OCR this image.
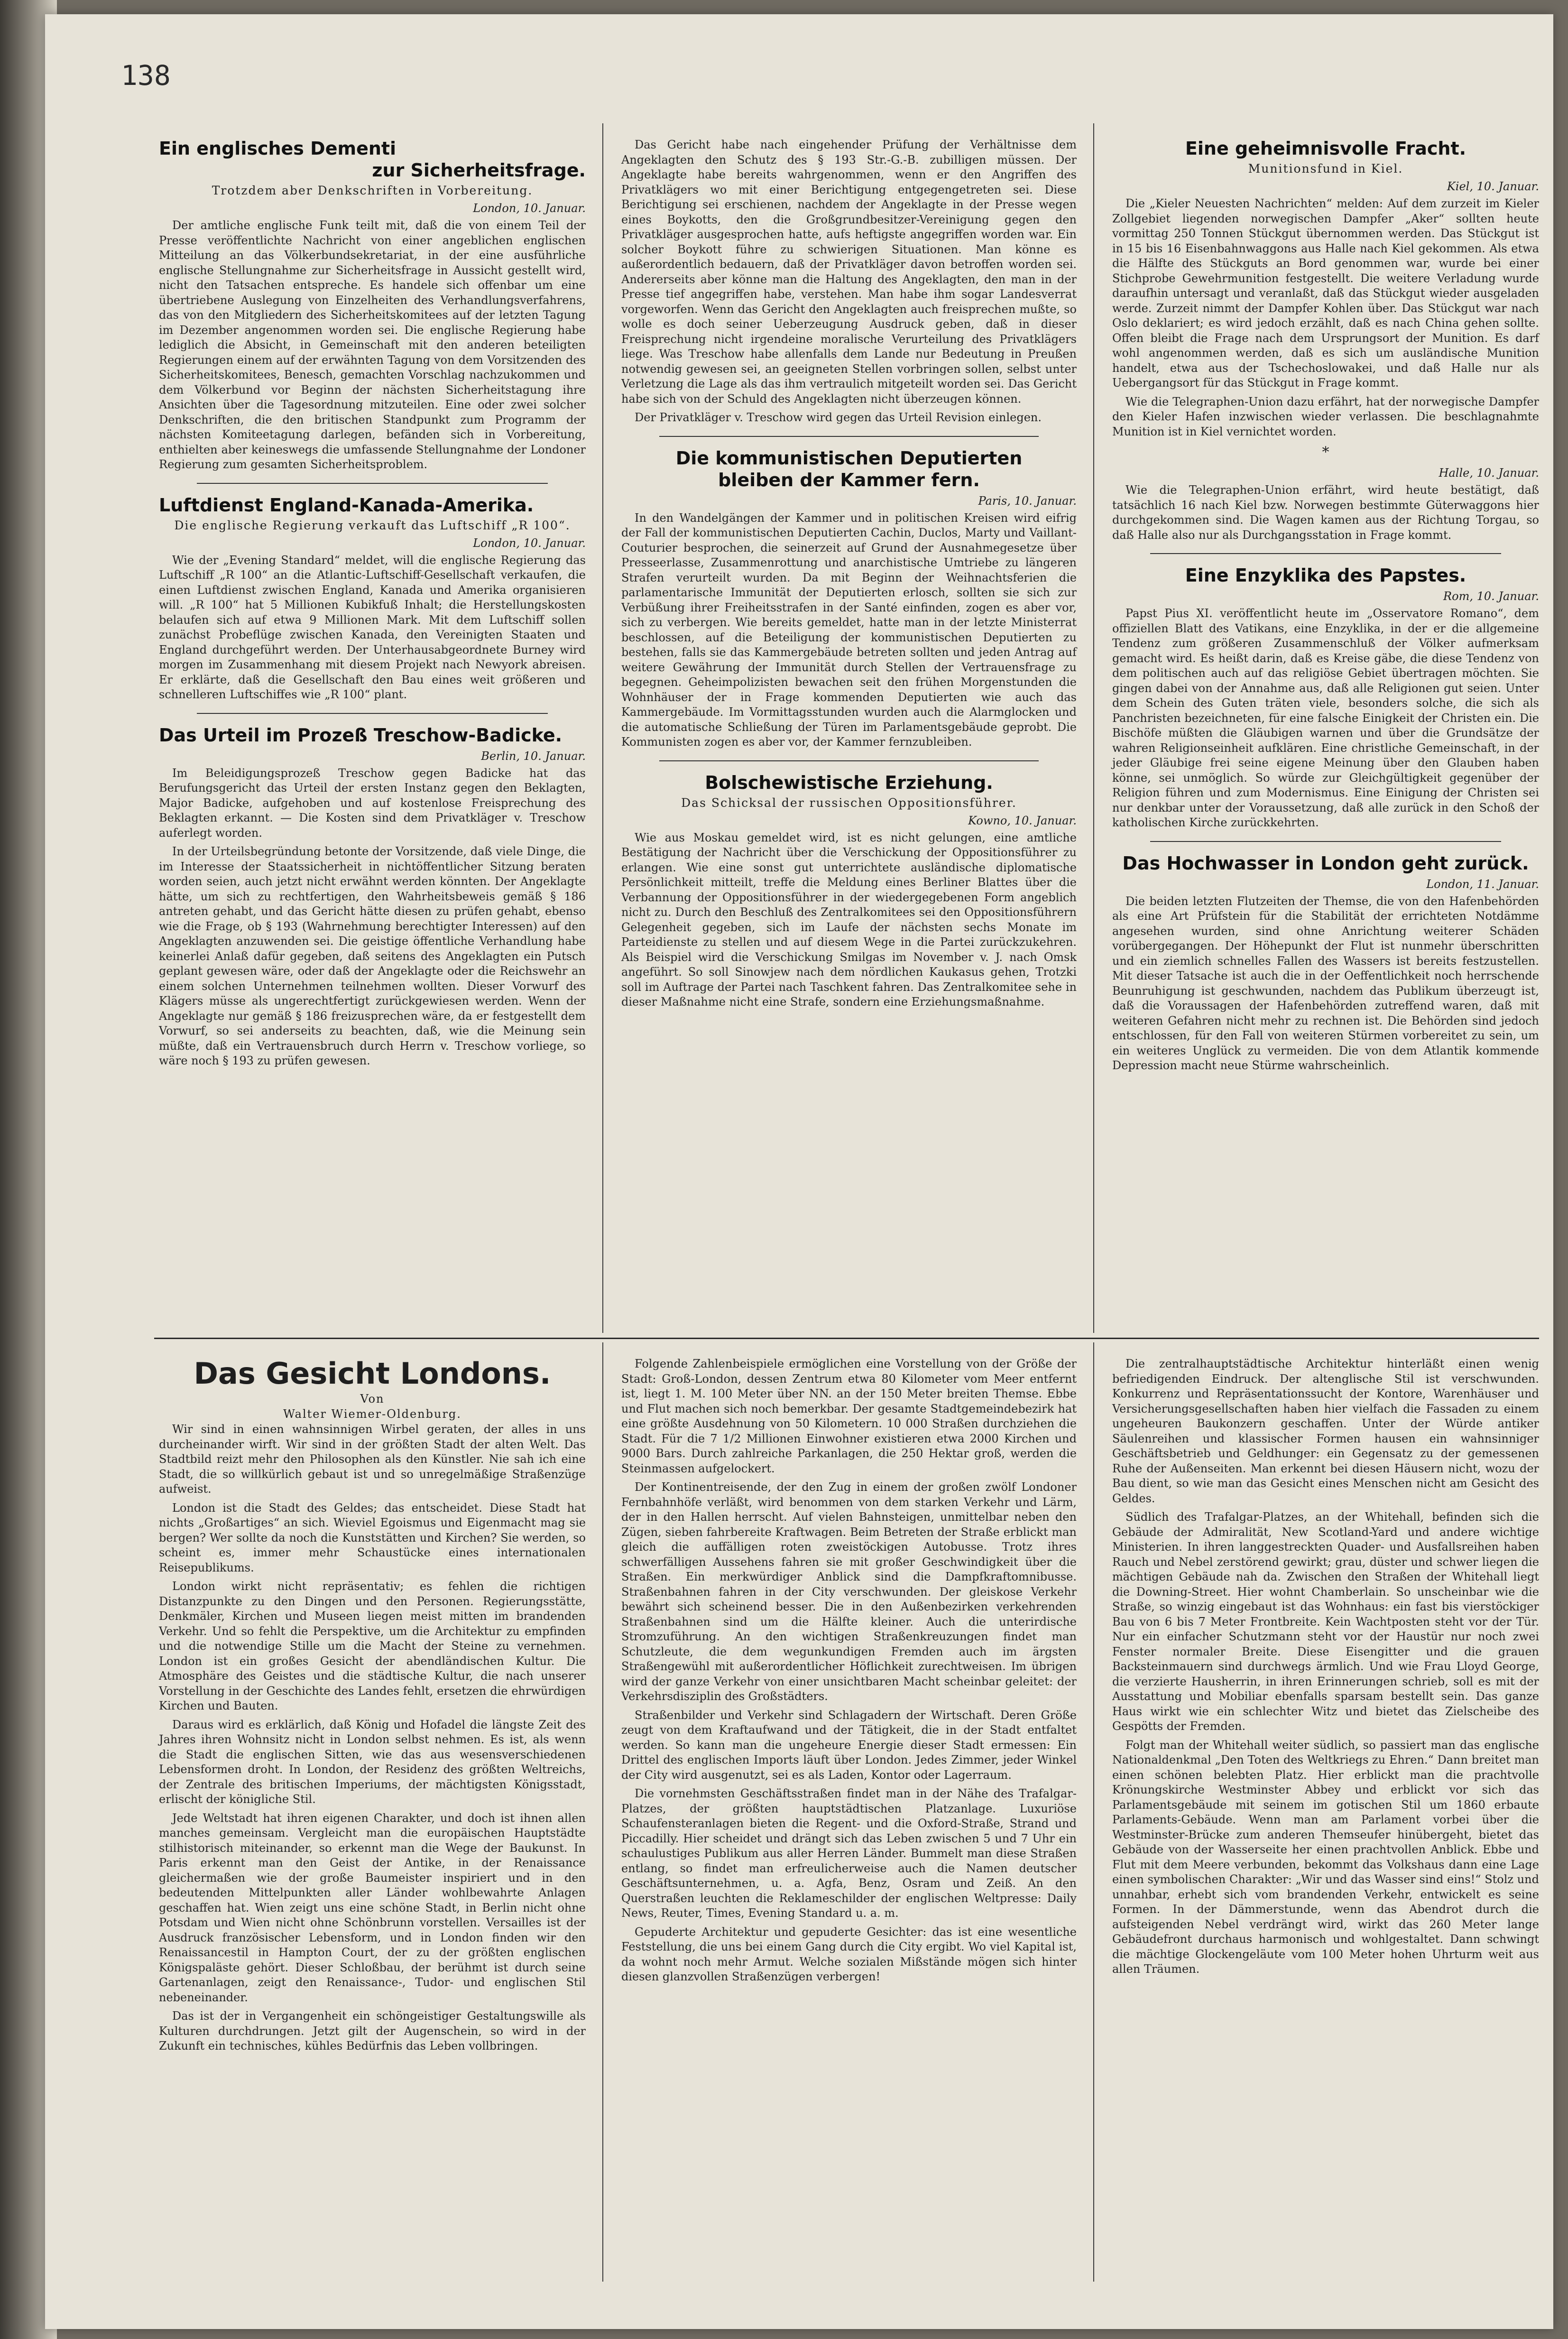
138
Ein englisches Dementi
zur Sicherheitsfrage.
Trotzdem aber Denkschriften in Vorbereitung.
London, 10. Januar.

Der amtliche englische Funk teilt mit, daß die von einem Teil der Presse veröffentlichte Nachricht von einer angeblichen englischen Mitteilung an das Völkerbundsekretariat, in der eine ausführliche englische Stellungnahme zur Sicherheitsfrage in Aussicht gestellt wird, nicht den Tatsachen entspreche. Es handele sich offenbar um eine übertriebene Auslegung von Einzelheiten des Verhandlungsverfahrens, das von den Mitgliedern des Sicherheitskomitees auf der letzten Tagung im Dezember angenommen worden sei. Die englische Regierung habe lediglich die Absicht, in Gemeinschaft mit den anderen beteiligten Regierungen einem auf der erwähnten Tagung von dem Vorsitzenden des Sicherheitskomitees, Benesch, gemachten Vorschlag nachzukommen und dem Völkerbund vor Beginn der nächsten Sicherheitstagung ihre Ansichten über die Tagesordnung mitzuteilen. Eine oder zwei solcher Denkschriften, die den britischen Standpunkt zum Programm der nächsten Komiteetagung darlegen, befänden sich in Vorbereitung, enthielten aber keineswegs die umfassende Stellungnahme der Londoner Regierung zum gesamten Sicherheitsproblem.

Luftdienst England-Kanada-Amerika.
Die englische Regierung verkauft das Luftschiff „R 100“.
London, 10. Januar.

Wie der „Evening Standard“ meldet, will die englische Regierung das Luftschiff „R 100“ an die Atlantic-Luftschiff-Gesellschaft verkaufen, die einen Luftdienst zwischen England, Kanada und Amerika organisieren will. „R 100“ hat 5 Millionen Kubikfuß Inhalt; die Herstellungskosten belaufen sich auf etwa 9 Millionen Mark. Mit dem Luftschiff sollen zunächst Probeflüge zwischen Kanada, den Vereinigten Staaten und England durchgeführt werden. Der Unterhausabgeordnete Burney wird morgen im Zusammenhang mit diesem Projekt nach Newyork abreisen. Er erklärte, daß die Gesellschaft den Bau eines weit größeren und schnelleren Luftschiffes wie „R 100“ plant.

Das Urteil im Prozeß Treschow-Badicke.
Berlin, 10. Januar.

Im Beleidigungsprozeß Treschow gegen Badicke hat das Berufungsgericht das Urteil der ersten Instanz gegen den Beklagten, Major Badicke, aufgehoben und auf kostenlose Freisprechung des Beklagten erkannt. — Die Kosten sind dem Privatkläger v. Treschow auferlegt worden.

In der Urteilsbegründung betonte der Vorsitzende, daß viele Dinge, die im Interesse der Staatssicherheit in nichtöffentlicher Sitzung beraten worden seien, auch jetzt nicht erwähnt werden könnten. Der Angeklagte hätte, um sich zu rechtfertigen, den Wahrheitsbeweis gemäß § 186 antreten gehabt, und das Gericht hätte diesen zu prüfen gehabt, ebenso wie die Frage, ob § 193 (Wahrnehmung berechtigter Interessen) auf den Angeklagten anzuwenden sei. Die geistige öffentliche Verhandlung habe keinerlei Anlaß dafür gegeben, daß seitens des Angeklagten ein Putsch geplant gewesen wäre, oder daß der Angeklagte oder die Reichswehr an einem solchen Unternehmen teilnehmen wollten. Dieser Vorwurf des Klägers müsse als ungerechtfertigt zurückgewiesen werden. Wenn der Angeklagte nur gemäß § 186 freizusprechen wäre, da er festgestellt dem Vorwurf, so sei anderseits zu beachten, daß, wie die Meinung sein müßte, daß ein Vertrauensbruch durch Herrn v. Treschow vorliege, so wäre noch § 193 zu prüfen gewesen.

Das Gericht habe nach eingehender Prüfung der Verhältnisse dem Angeklagten den Schutz des § 193 Str.-G.-B. zubilligen müssen. Der Angeklagte habe bereits wahrgenommen, wenn er den Angriffen des Privatklägers wo mit einer Berichtigung entgegengetreten sei. Diese Berichtigung sei erschienen, nachdem der Angeklagte in der Presse wegen eines Boykotts, den die Großgrundbesitzer-Vereinigung gegen den Privatkläger ausgesprochen hatte, aufs heftigste angegriffen worden war. Ein solcher Boykott führe zu schwierigen Situationen. Man könne es außerordentlich bedauern, daß der Privatkläger davon betroffen worden sei. Andererseits aber könne man die Haltung des Angeklagten, den man in der Presse tief angegriffen habe, verstehen. Man habe ihm sogar Landesverrat vorgeworfen. Wenn das Gericht den Angeklagten auch freisprechen mußte, so wolle es doch seiner Ueberzeugung Ausdruck geben, daß in dieser Freisprechung nicht irgendeine moralische Verurteilung des Privatklägers liege. Was Treschow habe allenfalls dem Lande nur Bedeutung in Preußen notwendig gewesen sei, an geeigneten Stellen vorbringen sollen, selbst unter Verletzung die Lage als das ihm vertraulich mitgeteilt worden sei. Das Gericht habe sich von der Schuld des Angeklagten nicht überzeugen können.

Der Privatkläger v. Treschow wird gegen das Urteil Revision einlegen.

Die kommunistischen Deputierten
bleiben der Kammer fern.
Paris, 10. Januar.

In den Wandelgängen der Kammer und in politischen Kreisen wird eifrig der Fall der kommunistischen Deputierten Cachin, Duclos, Marty und Vaillant-Couturier besprochen, die seinerzeit auf Grund der Ausnahmegesetze über Presseerlasse, Zusammenrottung und anarchistische Umtriebe zu längeren Strafen verurteilt wurden. Da mit Beginn der Weihnachtsferien die parlamentarische Immunität der Deputierten erlosch, sollten sie sich zur Verbüßung ihrer Freiheitsstrafen in der Santé einfinden, zogen es aber vor, sich zu verbergen. Wie bereits gemeldet, hatte man in der letzte Ministerrat beschlossen, auf die Beteiligung der kommunistischen Deputierten zu bestehen, falls sie das Kammergebäude betreten sollten und jeden Antrag auf weitere Gewährung der Immunität durch Stellen der Vertrauensfrage zu begegnen. Geheimpolizisten bewachen seit den frühen Morgenstunden die Wohnhäuser der in Frage kommenden Deputierten wie auch das Kammergebäude. Im Vormittagsstunden wurden auch die Alarmglocken und die automatische Schließung der Türen im Parlamentsgebäude geprobt. Die Kommunisten zogen es aber vor, der Kammer fernzubleiben.

Bolschewistische Erziehung.
Das Schicksal der russischen Oppositionsführer.
Kowno, 10. Januar.

Wie aus Moskau gemeldet wird, ist es nicht gelungen, eine amtliche Bestätigung der Nachricht über die Verschickung der Oppositionsführer zu erlangen. Wie eine sonst gut unterrichtete ausländische diplomatische Persönlichkeit mitteilt, treffe die Meldung eines Berliner Blattes über die Verbannung der Oppositionsführer in der wiedergegebenen Form angeblich nicht zu. Durch den Beschluß des Zentralkomitees sei den Oppositionsführern Gelegenheit gegeben, sich im Laufe der nächsten sechs Monate im Parteidienste zu stellen und auf diesem Wege in die Partei zurückzukehren. Als Beispiel wird die Verschickung Smilgas im November v. J. nach Omsk angeführt. So soll Sinowjew nach dem nördlichen Kaukasus gehen, Trotzki soll im Auftrage der Partei nach Taschkent fahren. Das Zentralkomitee sehe in dieser Maßnahme nicht eine Strafe, sondern eine Erziehungsmaßnahme.

Eine geheimnisvolle Fracht.
Munitionsfund in Kiel.
Kiel, 10. Januar.

Die „Kieler Neuesten Nachrichten“ melden: Auf dem zurzeit im Kieler Zollgebiet liegenden norwegischen Dampfer „Aker“ sollten heute vormittag 250 Tonnen Stückgut übernommen werden. Das Stückgut ist in 15 bis 16 Eisenbahnwaggons aus Halle nach Kiel gekommen. Als etwa die Hälfte des Stückguts an Bord genommen war, wurde bei einer Stichprobe Gewehrmunition festgestellt. Die weitere Verladung wurde daraufhin untersagt und veranlaßt, daß das Stückgut wieder ausgeladen werde. Zurzeit nimmt der Dampfer Kohlen über. Das Stückgut war nach Oslo deklariert; es wird jedoch erzählt, daß es nach China gehen sollte. Offen bleibt die Frage nach dem Ursprungsort der Munition. Es darf wohl angenommen werden, daß es sich um ausländische Munition handelt, etwa aus der Tschechoslowakei, und daß Halle nur als Uebergangsort für das Stückgut in Frage kommt.

Wie die Telegraphen-Union dazu erfährt, hat der norwegische Dampfer den Kieler Hafen inzwischen wieder verlassen. Die beschlagnahmte Munition ist in Kiel vernichtet worden.

*
Halle, 10. Januar.

Wie die Telegraphen-Union erfährt, wird heute bestätigt, daß tatsächlich 16 nach Kiel bzw. Norwegen bestimmte Güterwaggons hier durchgekommen sind. Die Wagen kamen aus der Richtung Torgau, so daß Halle also nur als Durchgangsstation in Frage kommt.

Eine Enzyklika des Papstes.
Rom, 10. Januar.

Papst Pius XI. veröffentlicht heute im „Osservatore Romano“, dem offiziellen Blatt des Vatikans, eine Enzyklika, in der er die allgemeine Tendenz zum größeren Zusammenschluß der Völker aufmerksam gemacht wird. Es heißt darin, daß es Kreise gäbe, die diese Tendenz von dem politischen auch auf das religiöse Gebiet übertragen möchten. Sie gingen dabei von der Annahme aus, daß alle Religionen gut seien. Unter dem Schein des Guten träten viele, besonders solche, die sich als Panchristen bezeichneten, für eine falsche Einigkeit der Christen ein. Die Bischöfe müßten die Gläubigen warnen und über die Grundsätze der wahren Religionseinheit aufklären. Eine christliche Gemeinschaft, in der jeder Gläubige frei seine eigene Meinung über den Glauben haben könne, sei unmöglich. So würde zur Gleichgültigkeit gegenüber der Religion führen und zum Modernismus. Eine Einigung der Christen sei nur denkbar unter der Voraussetzung, daß alle zurück in den Schoß der katholischen Kirche zurückkehrten.

Das Hochwasser in London geht zurück.
London, 11. Januar.

Die beiden letzten Flutzeiten der Themse, die von den Hafenbehörden als eine Art Prüfstein für die Stabilität der errichteten Notdämme angesehen wurden, sind ohne Anrichtung weiterer Schäden vorübergegangen. Der Höhepunkt der Flut ist nunmehr überschritten und ein ziemlich schnelles Fallen des Wassers ist bereits festzustellen. Mit dieser Tatsache ist auch die in der Oeffentlichkeit noch herrschende Beunruhigung ist geschwunden, nachdem das Publikum überzeugt ist, daß die Voraussagen der Hafenbehörden zutreffend waren, daß mit weiteren Gefahren nicht mehr zu rechnen ist. Die Behörden sind jedoch entschlossen, für den Fall von weiteren Stürmen vorbereitet zu sein, um ein weiteres Unglück zu vermeiden. Die von dem Atlantik kommende Depression macht neue Stürme wahrscheinlich.

Das Gesicht Londons.
Von
Walter Wiemer-Oldenburg.

Wir sind in einen wahnsinnigen Wirbel geraten, der alles in uns durcheinander wirft. Wir sind in der größten Stadt der alten Welt. Das Stadtbild reizt mehr den Philosophen als den Künstler. Nie sah ich eine Stadt, die so willkürlich gebaut ist und so unregelmäßige Straßenzüge aufweist.

London ist die Stadt des Geldes; das entscheidet. Diese Stadt hat nichts „Großartiges“ an sich. Wieviel Egoismus und Eigenmacht mag sie bergen? Wer sollte da noch die Kunststätten und Kirchen? Sie werden, so scheint es, immer mehr Schaustücke eines internationalen Reisepublikums.

London wirkt nicht repräsentativ; es fehlen die richtigen Distanzpunkte zu den Dingen und den Personen. Regierungsstätte, Denkmäler, Kirchen und Museen liegen meist mitten im brandenden Verkehr. Und so fehlt die Perspektive, um die Architektur zu empfinden und die notwendige Stille um die Macht der Steine zu vernehmen. London ist ein großes Gesicht der abendländischen Kultur. Die Atmosphäre des Geistes und die städtische Kultur, die nach unserer Vorstellung in der Geschichte des Landes fehlt, ersetzen die ehrwürdigen Kirchen und Bauten.

Daraus wird es erklärlich, daß König und Hofadel die längste Zeit des Jahres ihren Wohnsitz nicht in London selbst nehmen. Es ist, als wenn die Stadt die englischen Sitten, wie das aus wesensverschiedenen Lebensformen droht. In London, der Residenz des größten Weltreichs, der Zentrale des britischen Imperiums, der mächtigsten Königsstadt, erlischt der königliche Stil.

Jede Weltstadt hat ihren eigenen Charakter, und doch ist ihnen allen manches gemeinsam. Vergleicht man die europäischen Hauptstädte stilhistorisch miteinander, so erkennt man die Wege der Baukunst. In Paris erkennt man den Geist der Antike, in der Renaissance gleichermaßen wie der große Baumeister inspiriert und in den bedeutenden Mittelpunkten aller Länder wohlbewahrte Anlagen geschaffen hat. Wien zeigt uns eine schöne Stadt, in Berlin nicht ohne Potsdam und Wien nicht ohne Schönbrunn vorstellen. Versailles ist der Ausdruck französischer Lebensform, und in London finden wir den Renaissancestil in Hampton Court, der zu der größten englischen Königspaläste gehört. Dieser Schloßbau, der berühmt ist durch seine Gartenanlagen, zeigt den Renaissance-, Tudor- und englischen Stil nebeneinander.

Das ist der in Vergangenheit ein schöngeistiger Gestaltungswille als Kulturen durchdrungen. Jetzt gilt der Augenschein, so wird in der Zukunft ein technisches, kühles Bedürfnis das Leben vollbringen.

Folgende Zahlenbeispiele ermöglichen eine Vorstellung von der Größe der Stadt: Groß-London, dessen Zentrum etwa 80 Kilometer vom Meer entfernt ist, liegt 1. M. 100 Meter über NN. an der 150 Meter breiten Themse. Ebbe und Flut machen sich noch bemerkbar. Der gesamte Stadtgemeindebezirk hat eine größte Ausdehnung von 50 Kilometern. 10 000 Straßen durchziehen die Stadt. Für die 7 1/2 Millionen Einwohner existieren etwa 2000 Kirchen und 9000 Bars. Durch zahlreiche Parkanlagen, die 250 Hektar groß, werden die Steinmassen aufgelockert.

Der Kontinentreisende, der den Zug in einem der großen zwölf Londoner Fernbahnhöfe verläßt, wird benommen von dem starken Verkehr und Lärm, der in den Hallen herrscht. Auf vielen Bahnsteigen, unmittelbar neben den Zügen, sieben fahrbereite Kraftwagen. Beim Betreten der Straße erblickt man gleich die auffälligen roten zweistöckigen Autobusse. Trotz ihres schwerfälligen Aussehens fahren sie mit großer Geschwindigkeit über die Straßen. Ein merkwürdiger Anblick sind die Dampfkraftomnibusse. Straßenbahnen fahren in der City verschwunden. Der gleiskose Verkehr bewährt sich scheinend besser. Die in den Außenbezirken verkehrenden Straßenbahnen sind um die Hälfte kleiner. Auch die unterirdische Stromzuführung. An den wichtigen Straßenkreuzungen findet man Schutzleute, die dem wegunkundigen Fremden auch im ärgsten Straßengewühl mit außerordentlicher Höflichkeit zurechtweisen. Im übrigen wird der ganze Verkehr von einer unsichtbaren Macht scheinbar geleitet: der Verkehrsdisziplin des Großstädters.

Straßenbilder und Verkehr sind Schlagadern der Wirtschaft. Deren Größe zeugt von dem Kraftaufwand und der Tätigkeit, die in der Stadt entfaltet werden. So kann man die ungeheure Energie dieser Stadt ermessen: Ein Drittel des englischen Imports läuft über London. Jedes Zimmer, jeder Winkel der City wird ausgenutzt, sei es als Laden, Kontor oder Lagerraum.

Die vornehmsten Geschäftsstraßen findet man in der Nähe des Trafalgar-Platzes, der größten hauptstädtischen Platzanlage. Luxuriöse Schaufensteranlagen bieten die Regent- und die Oxford-Straße, Strand und Piccadilly. Hier scheidet und drängt sich das Leben zwischen 5 und 7 Uhr ein schaulustiges Publikum aus aller Herren Länder. Bummelt man diese Straßen entlang, so findet man erfreulicherweise auch die Namen deutscher Geschäftsunternehmen, u. a. Agfa, Benz, Osram und Zeiß. An den Querstraßen leuchten die Reklameschilder der englischen Weltpresse: Daily News, Reuter, Times, Evening Standard u. a. m.

Gepuderte Architektur und gepuderte Gesichter: das ist eine wesentliche Feststellung, die uns bei einem Gang durch die City ergibt. Wo viel Kapital ist, da wohnt noch mehr Armut. Welche sozialen Mißstände mögen sich hinter diesen glanzvollen Straßenzügen verbergen!

Die zentralhauptstädtische Architektur hinterläßt einen wenig befriedigenden Eindruck. Der altenglische Stil ist verschwunden. Konkurrenz und Repräsentationssucht der Kontore, Warenhäuser und Versicherungsgesellschaften haben hier vielfach die Fassaden zu einem ungeheuren Baukonzern geschaffen. Unter der Würde antiker Säulenreihen und klassischer Formen hausen ein wahnsinniger Geschäftsbetrieb und Geldhunger: ein Gegensatz zu der gemessenen Ruhe der Außenseiten. Man erkennt bei diesen Häusern nicht, wozu der Bau dient, so wie man das Gesicht eines Menschen nicht am Gesicht des Geldes.

Südlich des Trafalgar-Platzes, an der Whitehall, befinden sich die Gebäude der Admiralität, New Scotland-Yard und andere wichtige Ministerien. In ihren langgestreckten Quader- und Ausfallsreihen haben Rauch und Nebel zerstörend gewirkt; grau, düster und schwer liegen die mächtigen Gebäude nah da. Zwischen den Straßen der Whitehall liegt die Downing-Street. Hier wohnt Chamberlain. So unscheinbar wie die Straße, so winzig eingebaut ist das Wohnhaus: ein fast bis vierstöckiger Bau von 6 bis 7 Meter Frontbreite. Kein Wachtposten steht vor der Tür. Nur ein einfacher Schutzmann steht vor der Haustür nur noch zwei Fenster normaler Breite. Diese Eisengitter und die grauen Backsteinmauern sind durchwegs ärmlich. Und wie Frau Lloyd George, die verzierte Hausherrin, in ihren Erinnerungen schrieb, soll es mit der Ausstattung und Mobiliar ebenfalls sparsam bestellt sein. Das ganze Haus wirkt wie ein schlechter Witz und bietet das Zielscheibe des Gespötts der Fremden.

Folgt man der Whitehall weiter südlich, so passiert man das englische Nationaldenkmal „Den Toten des Weltkriegs zu Ehren.“ Dann breitet man einen schönen belebten Platz. Hier erblickt man die prachtvolle Krönungskirche Westminster Abbey und erblickt vor sich das Parlamentsgebäude mit seinem im gotischen Stil um 1860 erbaute Parlaments-Gebäude. Wenn man am Parlament vorbei über die Westminster-Brücke zum anderen Themseufer hinübergeht, bietet das Gebäude von der Wasserseite her einen prachtvollen Anblick. Ebbe und Flut mit dem Meere verbunden, bekommt das Volkshaus dann eine Lage einen symbolischen Charakter: „Wir und das Wasser sind eins!“ Stolz und unnahbar, erhebt sich vom brandenden Verkehr, entwickelt es seine Formen. In der Dämmerstunde, wenn das Abendrot durch die aufsteigenden Nebel verdrängt wird, wirkt das 260 Meter lange Gebäudefront durchaus harmonisch und wohlgestaltet. Dann schwingt die mächtige Glockengeläute vom 100 Meter hohen Uhrturm weit aus allen Träumen.
